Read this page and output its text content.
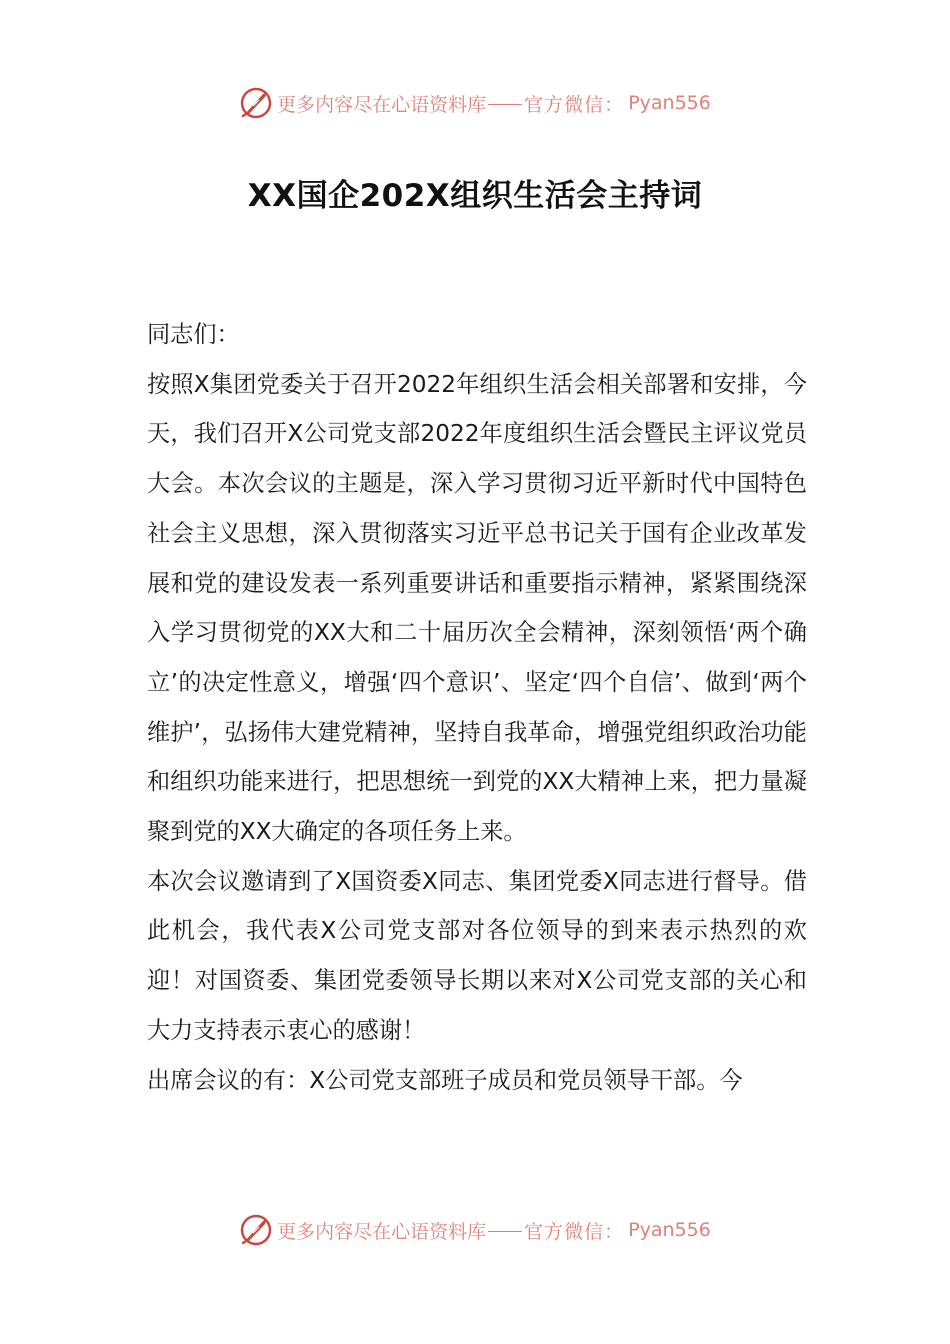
更多内容尽在心语资料库 官方微信： Pyan556
XX国企202X组织生活会主持词

同志们：

按照X集团党委关于召开2022年组织生活会相关部署和安排，今天，我们召开X公司党支部2022年度组织生活会暨民主评议党员大会。本次会议的主题是，深入学习贯彻习近平新时代中国特色社会主义思想，深入贯彻落实习近平总书记关于国有企业改革发展和党的建设发表一系列重要讲话和重要指示精神，紧紧围绕深入学习贯彻党的XX大和二十届历次全会精神，深刻领悟‘两个确立’的决定性意义，增强‘四个意识’、坚定‘四个自信’、做到‘两个维护’，弘扬伟大建党精神，坚持自我革命，增强党组织政治功能和组织功能来进行，把思想统一到党的XX大精神上来，把力量凝聚到党的XX大确定的各项任务上来。

本次会议邀请到了X国资委X同志、集团党委X同志进行督导。借此机会，我代表X公司党支部对各位领导的到来表示热烈的欢迎！对国资委、集团党委领导长期以来对X公司党支部的关心和大力支持表示衷心的感谢！

出席会议的有：X公司党支部班子成员和党员领导干部。今

更多内容尽在心语资料库 官方微信： Pyan556
